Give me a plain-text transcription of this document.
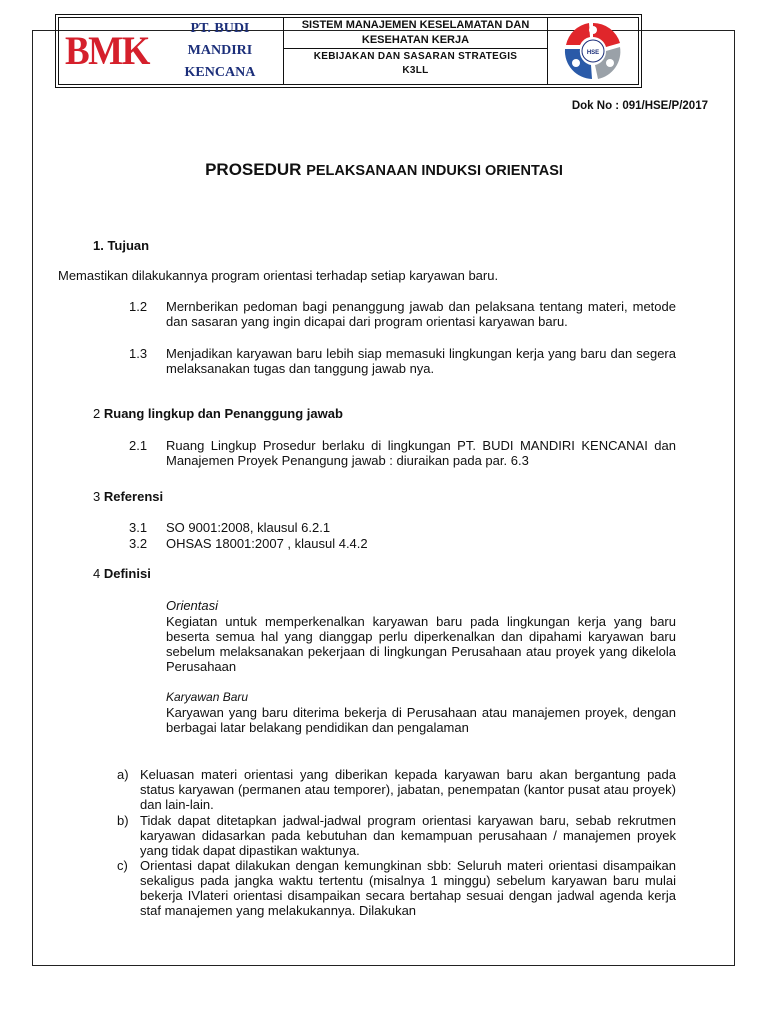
BMK	PT. BUDI MANDIRI
KENCANA
SISTEM MANAJEMEN KESELAMATAN DAN
KESEHATAN KERJA
KEBIJAKAN DAN SASARAN STRATEGIS
K3LL
HSE
Dok No : 091/HSE/P/2017
PROSEDUR PELAKSANAAN INDUKSI ORIENTASI
1. Tujuan
Memastikan dilakukannya program orientasi terhadap setiap karyawan baru.
1.2 Mernberikan pedoman bagi penanggung jawab dan pelaksana tentang materi, metode dan sasaran yang ingin dicapai dari program orientasi karyawan baru.
1.3 Menjadikan karyawan baru lebih siap memasuki lingkungan kerja yang baru dan segera melaksanakan tugas dan tanggung jawab nya.
2 Ruang lingkup dan Penanggung jawab
2.1 Ruang Lingkup Prosedur berlaku di lingkungan PT. BUDI MANDIRI KENCANAI dan Manajemen Proyek Penangung jawab : diuraikan pada par. 6.3
3 Referensi
3.1 SO 9001:2008, klausul 6.2.1
3.2 OHSAS 18001:2007 , klausul 4.4.2
4 Definisi
Orientasi
Kegiatan untuk memperkenalkan karyawan baru pada lingkungan kerja yang baru beserta semua hal yang dianggap perlu diperkenalkan dan dipahami karyawan baru sebelum melaksanakan pekerjaan di lingkungan Perusahaan atau proyek yang dikelola Perusahaan
Karyawan Baru
Karyawan yang baru diterima bekerja di Perusahaan atau manajemen proyek, dengan berbagai latar belakang pendidikan dan pengalaman
a) Keluasan materi orientasi yang diberikan kepada karyawan baru akan bergantung pada status karyawan (permanen atau temporer), jabatan, penempatan (kantor pusat atau proyek) dan lain-lain.
b) Tidak dapat ditetapkan jadwal-jadwal program orientasi karyawan baru, sebab rekrutmen karyawan didasarkan pada kebutuhan dan kemampuan perusahaan / manajemen proyek yang tidak dapat dipastikan waktunya.
c) Orientasi dapat dilakukan dengan kemungkinan sbb: Seluruh materi orientasi disampaikan sekaligus pada jangka waktu tertentu (misalnya 1 minggu) sebelum karyawan baru mulai bekerja IVlateri orientasi disampaikan secara bertahap sesuai dengan jadwal agenda kerja staf manajemen yang melakukannya. Dilakukan
